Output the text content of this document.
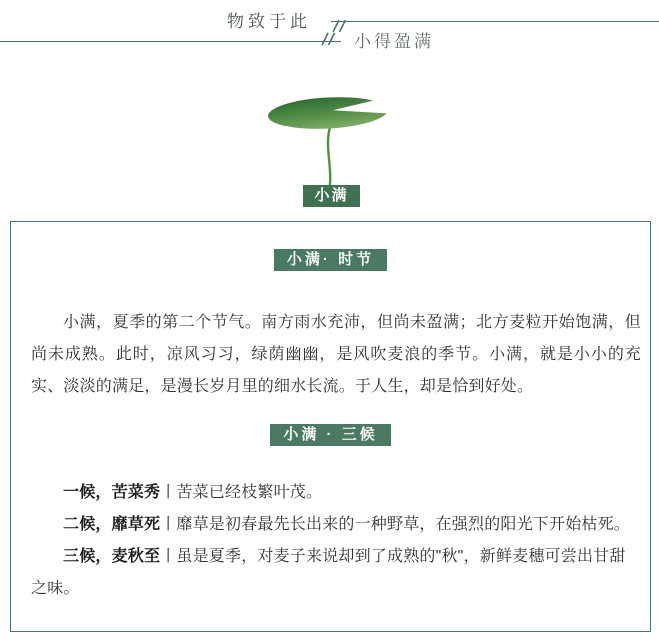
物致于此
小得盈满
小满
小满· 时节

小满，夏季的第二个节气。南方雨水充沛，但尚未盈满；北方麦粒开始饱满，但尚未成熟。此时，凉风习习，绿荫幽幽，是风吹麦浪的季节。小满，就是小小的充实、淡淡的满足，是漫长岁月里的细水长流。于人生，却是恰到好处。

小满 · 三候

一候，苦菜秀丨苦菜已经枝繁叶茂。

二候，靡草死丨靡草是初春最先长出来的一种野草，在强烈的阳光下开始枯死。

三候，麦秋至丨虽是夏季，对麦子来说却到了成熟的"秋"，新鲜麦穗可尝出甘甜之味。
